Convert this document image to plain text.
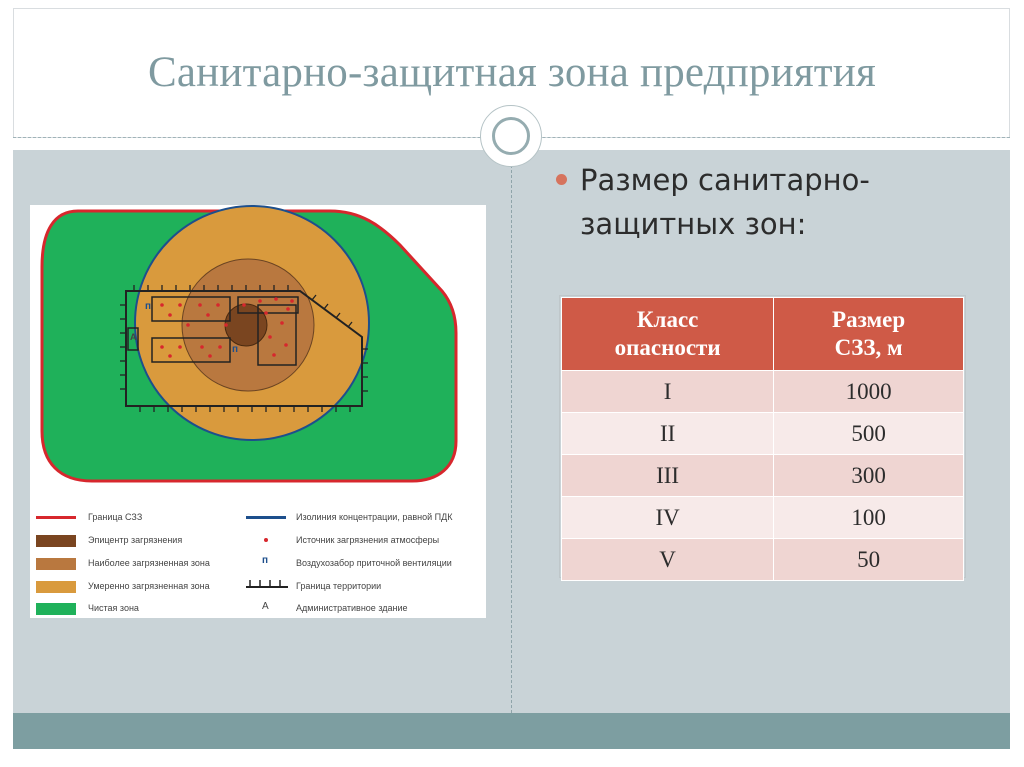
Санитарно-защитная зона предприятия
Размер санитарно-защитных зон:
п
п
А
Граница СЗЗ
Эпицентр загрязнения
Наиболее загрязненная зона
Умеренно загрязненная зона
Чистая зона
Изолиния концентрации, равной ПДК
Источник загрязнения атмосферы
п	Воздухозабор приточной вентиляции
Граница территории
А	Административное здание
Класс опасности	Размер СЗЗ, м
I	1000
II	500
III	300
IV	100
V	50
